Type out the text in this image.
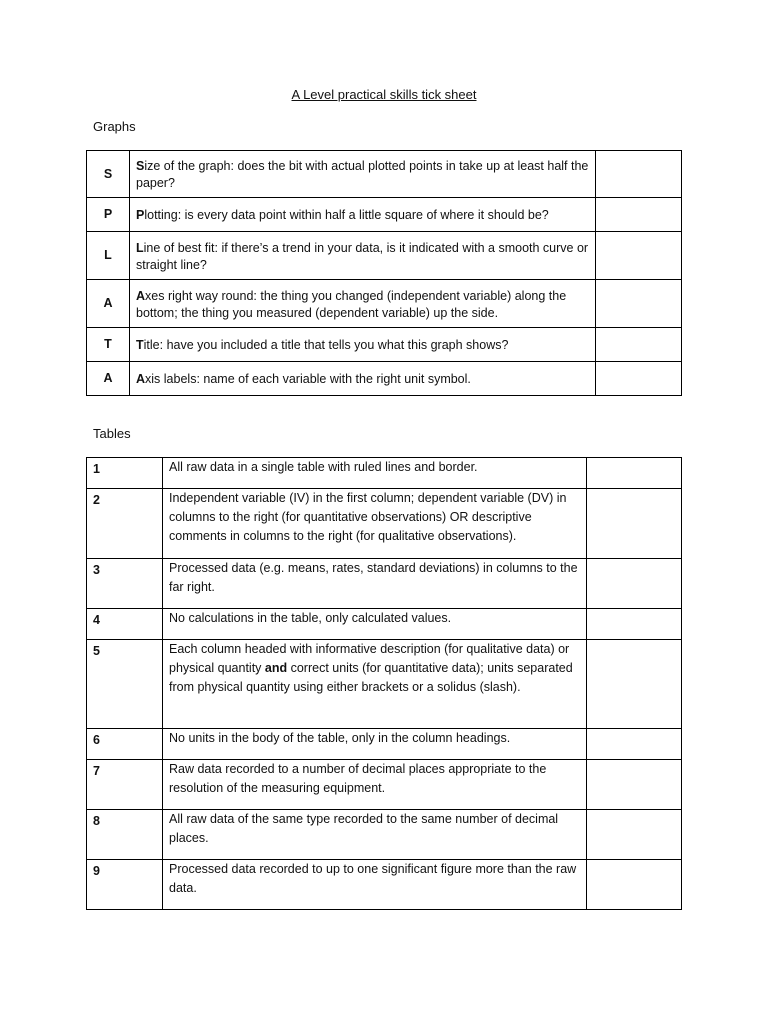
A Level practical skills tick sheet
Graphs
S	Size of the graph: does the bit with actual plotted points in take up at least half the paper?	
P	Plotting: is every data point within half a little square of where it should be?	
L	Line of best fit: if there’s a trend in your data, is it indicated with a smooth curve or straight line?	
A	Axes right way round: the thing you changed (independent variable) along the bottom; the thing you measured (dependent variable) up the side.	
T	Title: have you included a title that tells you what this graph shows?	
A	Axis labels: name of each variable with the right unit symbol.	
Tables
1	All raw data in a single table with ruled lines and border.	
2	Independent variable (IV) in the first column; dependent variable (DV) in columns to the right (for quantitative observations) OR descriptive comments in columns to the right (for qualitative observations).	
3	Processed data (e.g. means, rates, standard deviations) in columns to the far right.	
4	No calculations in the table, only calculated values.	
5	Each column headed with informative description (for qualitative data) or physical quantity and correct units (for quantitative data); units separated from physical quantity using either brackets or a solidus (slash).	
6	No units in the body of the table, only in the column headings.	
7	Raw data recorded to a number of decimal places appropriate to the resolution of the measuring equipment.	
8	All raw data of the same type recorded to the same number of decimal places.	
9	Processed data recorded to up to one significant figure more than the raw data.	
